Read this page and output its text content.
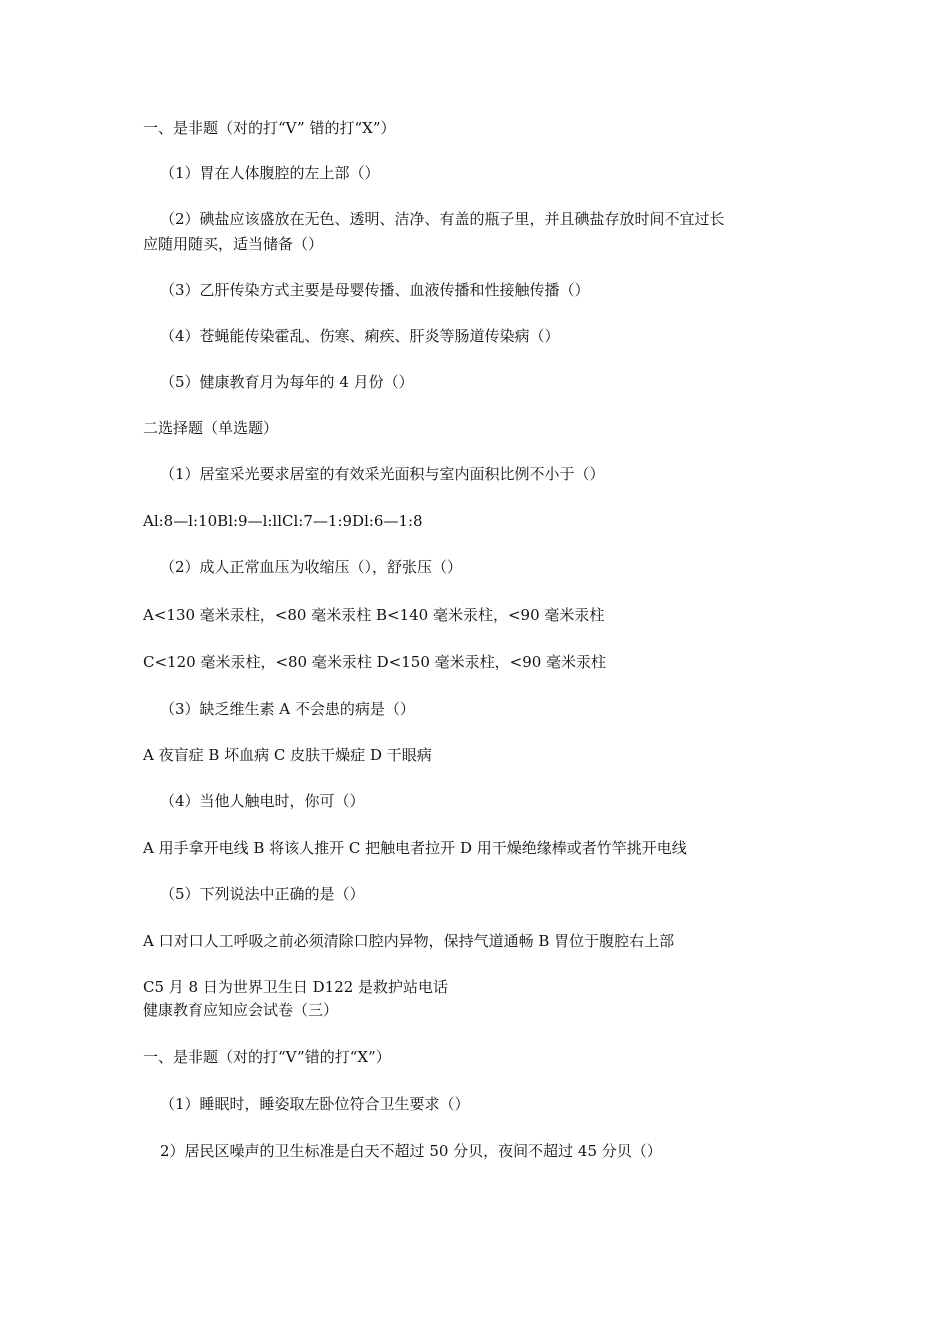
一、是非题（对的打“V” 错的打“X”）
（1）胃在人体腹腔的左上部（）
（2）碘盐应该盛放在无色、透明、洁净、有盖的瓶子里，并且碘盐存放时间不宜过长
应随用随买，适当储备（）
（3）乙肝传染方式主要是母婴传播、血液传播和性接触传播（）
（4）苍蝇能传染霍乱、伤寒、痢疾、肝炎等肠道传染病（）
（5）健康教育月为每年的 4 月份（）
二选择题（单选题）
（1）居室采光要求居室的有效采光面积与室内面积比例不小于（）
Al:8—l:10Bl:9—l:llCl:7—1:9Dl:6—1:8
（2）成人正常血压为收缩压（），舒张压（）
A<130 毫米汞柱，<80 毫米汞柱 B<140 毫米汞柱，<90 毫米汞柱
C<120 毫米汞柱，<80 毫米汞柱 D<150 毫米汞柱，<90 毫米汞柱
（3）缺乏维生素 A 不会患的病是（）
A 夜盲症 B 坏血病 C 皮肤干燥症 D 干眼病
（4）当他人触电时，你可（）
A 用手拿开电线 B 将该人推开 C 把触电者拉开 D 用干燥绝缘棒或者竹竿挑开电线
（5）下列说法中正确的是（）
A 口对口人工呼吸之前必须清除口腔内异物，保持气道通畅 B 胃位于腹腔右上部
C5 月 8 日为世界卫生日 D122 是救护站电话
健康教育应知应会试卷（三）
一、是非题（对的打“V”错的打“X”）
（1）睡眠时，睡姿取左卧位符合卫生要求（）
2）居民区噪声的卫生标准是白天不超过 50 分贝，夜间不超过 45 分贝（）
